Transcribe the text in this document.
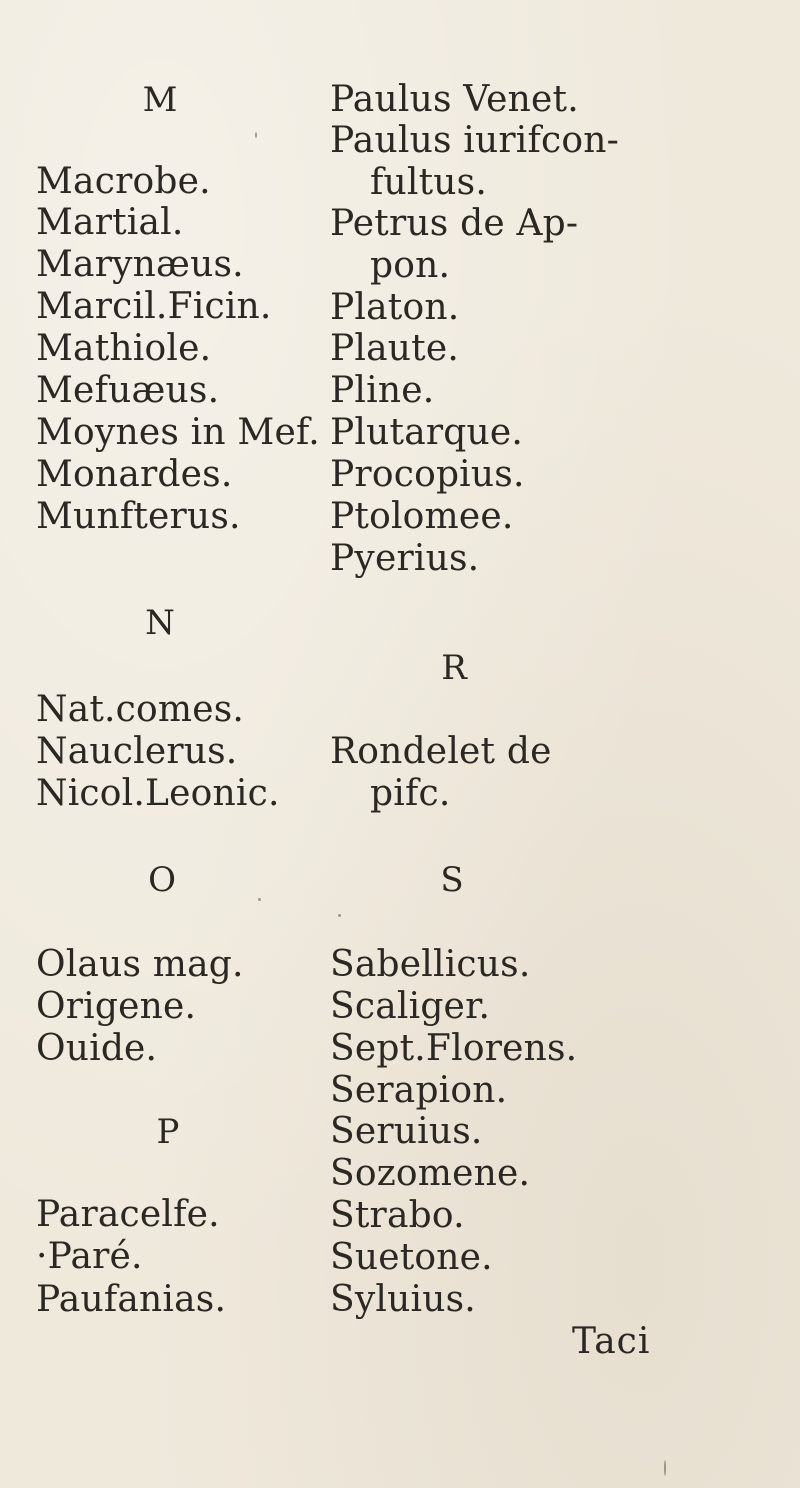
M
Macrobe.
Martial.
Marynæus.
Marcil.Ficin.
Mathiole.
Mefuæus.
Moynes in Mef.
Monardes.
Munfterus.
N
Nat.comes.
Nauclerus.
Nicol.Leonic.
O
Olaus mag.
Origene.
Ouide.
P
Paracelfe.
·Paré.
Paufanias.
Paulus Venet.
Paulus iurifcon-
fultus.
Petrus de Ap-
pon.
Platon.
Plaute.
Pline.
Plutarque.
Procopius.
Ptolomee.
Pyerius.
R
Rondelet de
pifc.
S
Sabellicus.
Scaliger.
Sept.Florens.
Serapion.
Seruius.
Sozomene.
Strabo.
Suetone.
Syluius.
Taci
